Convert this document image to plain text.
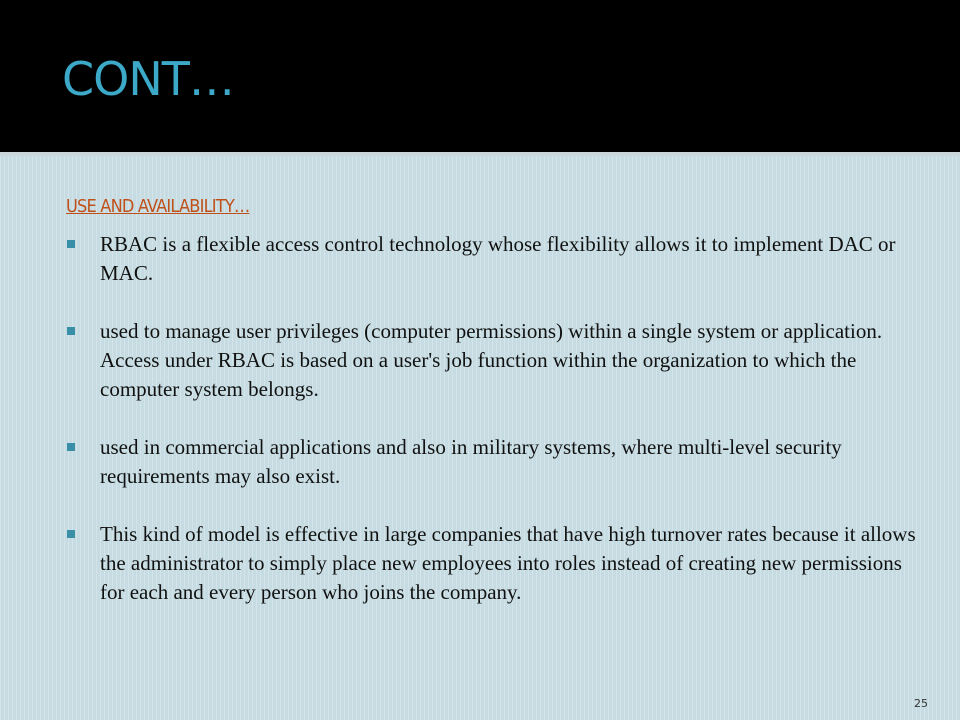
CONT…

USE AND AVAILABILITY…

RBAC is a flexible access control technology whose flexibility allows it to implement DAC or MAC.
used to manage user privileges (computer permissions) within a single system or application. Access under RBAC is based on a user's job function within the organization to which the computer system belongs.
used in commercial applications and also in military systems, where multi-level security requirements may also exist.
This kind of model is effective in large companies that have high turnover rates because it allows the administrator to simply place new employees into roles instead of creating new permissions for each and every person who joins the company.
25
